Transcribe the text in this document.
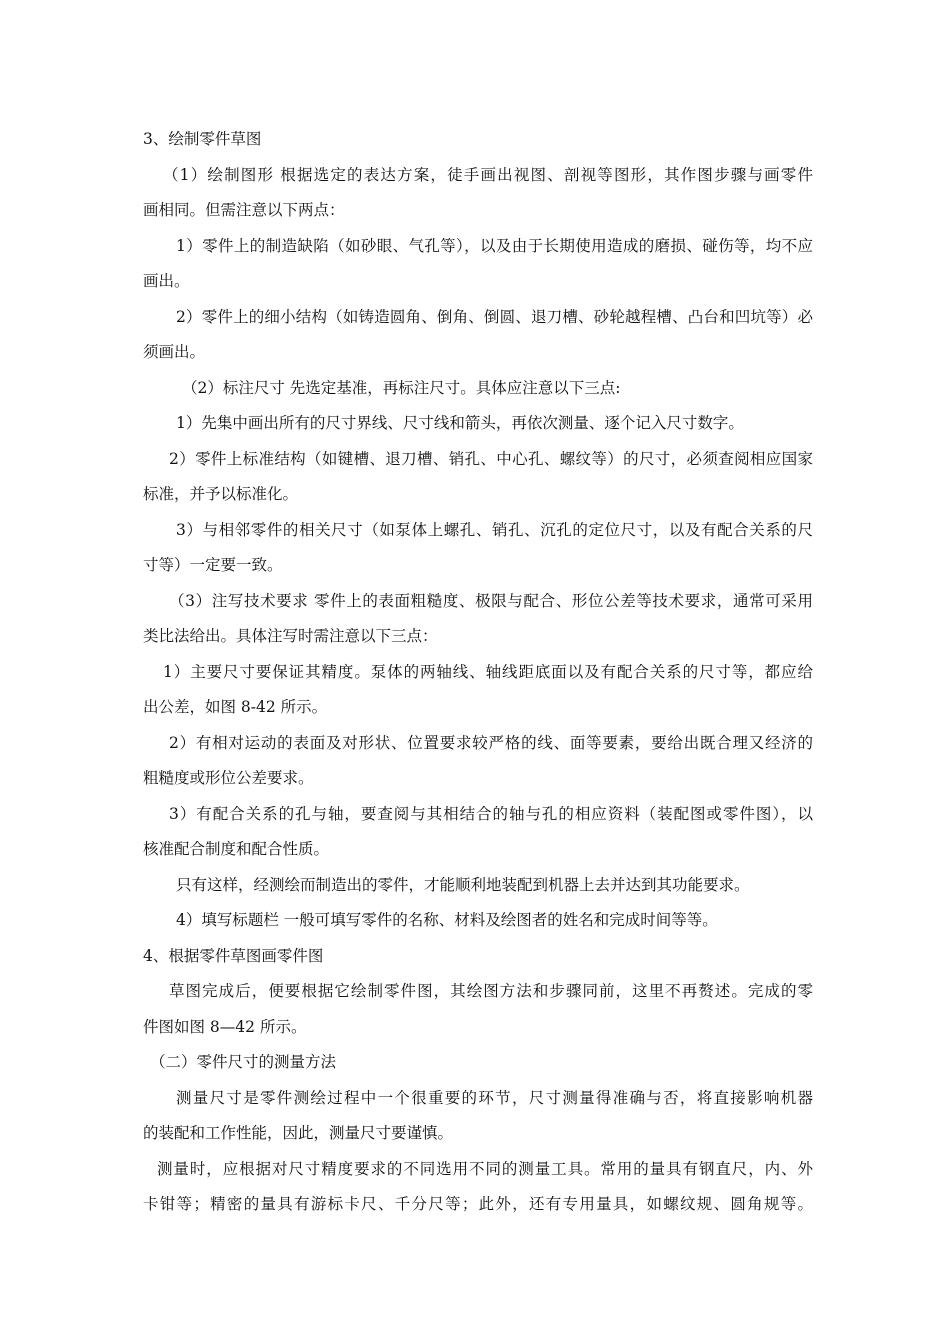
3、绘制零件草图
（1）绘制图形 根据选定的表达方案，徒手画出视图、剖视等图形，其作图步骤与画零件
画相同。但需注意以下两点：
1）零件上的制造缺陷（如砂眼、气孔等），以及由于长期使用造成的磨损、碰伤等，均不应
画出。
2）零件上的细小结构（如铸造圆角、倒角、倒圆、退刀槽、砂轮越程槽、凸台和凹坑等）必
须画出。
（2）标注尺寸 先选定基准，再标注尺寸。具体应注意以下三点:
1）先集中画出所有的尺寸界线、尺寸线和箭头，再依次测量、逐个记入尺寸数字。
2）零件上标准结构（如键槽、退刀槽、销孔、中心孔、螺纹等）的尺寸，必须查阅相应国家
标准，并予以标准化。
3）与相邻零件的相关尺寸（如泵体上螺孔、销孔、沉孔的定位尺寸，以及有配合关系的尺
寸等）一定要一致。
（3）注写技术要求 零件上的表面粗糙度、极限与配合、形位公差等技术要求，通常可采用
类比法给出。具体注写时需注意以下三点：
1）主要尺寸要保证其精度。泵体的两轴线、轴线距底面以及有配合关系的尺寸等，都应给
出公差，如图 8-42 所示。
2）有相对运动的表面及对形状、位置要求较严格的线、面等要素，要给出既合理又经济的
粗糙度或形位公差要求。
3）有配合关系的孔与轴，要查阅与其相结合的轴与孔的相应资料（装配图或零件图），以
核准配合制度和配合性质。
只有这样，经测绘而制造出的零件，才能顺利地装配到机器上去并达到其功能要求。
4）填写标题栏 一般可填写零件的名称、材料及绘图者的姓名和完成时间等等。
4、根据零件草图画零件图
草图完成后，便要根据它绘制零件图，其绘图方法和步骤同前，这里不再赘述。完成的零
件图如图 8—42 所示。
（二）零件尺寸的测量方法
测量尺寸是零件测绘过程中一个很重要的环节，尺寸测量得准确与否，将直接影响机器
的装配和工作性能，因此，测量尺寸要谨慎。
测量时，应根据对尺寸精度要求的不同选用不同的测量工具。常用的量具有钢直尺，内、外
卡钳等；精密的量具有游标卡尺、千分尺等；此外，还有专用量具，如螺纹规、圆角规等。
